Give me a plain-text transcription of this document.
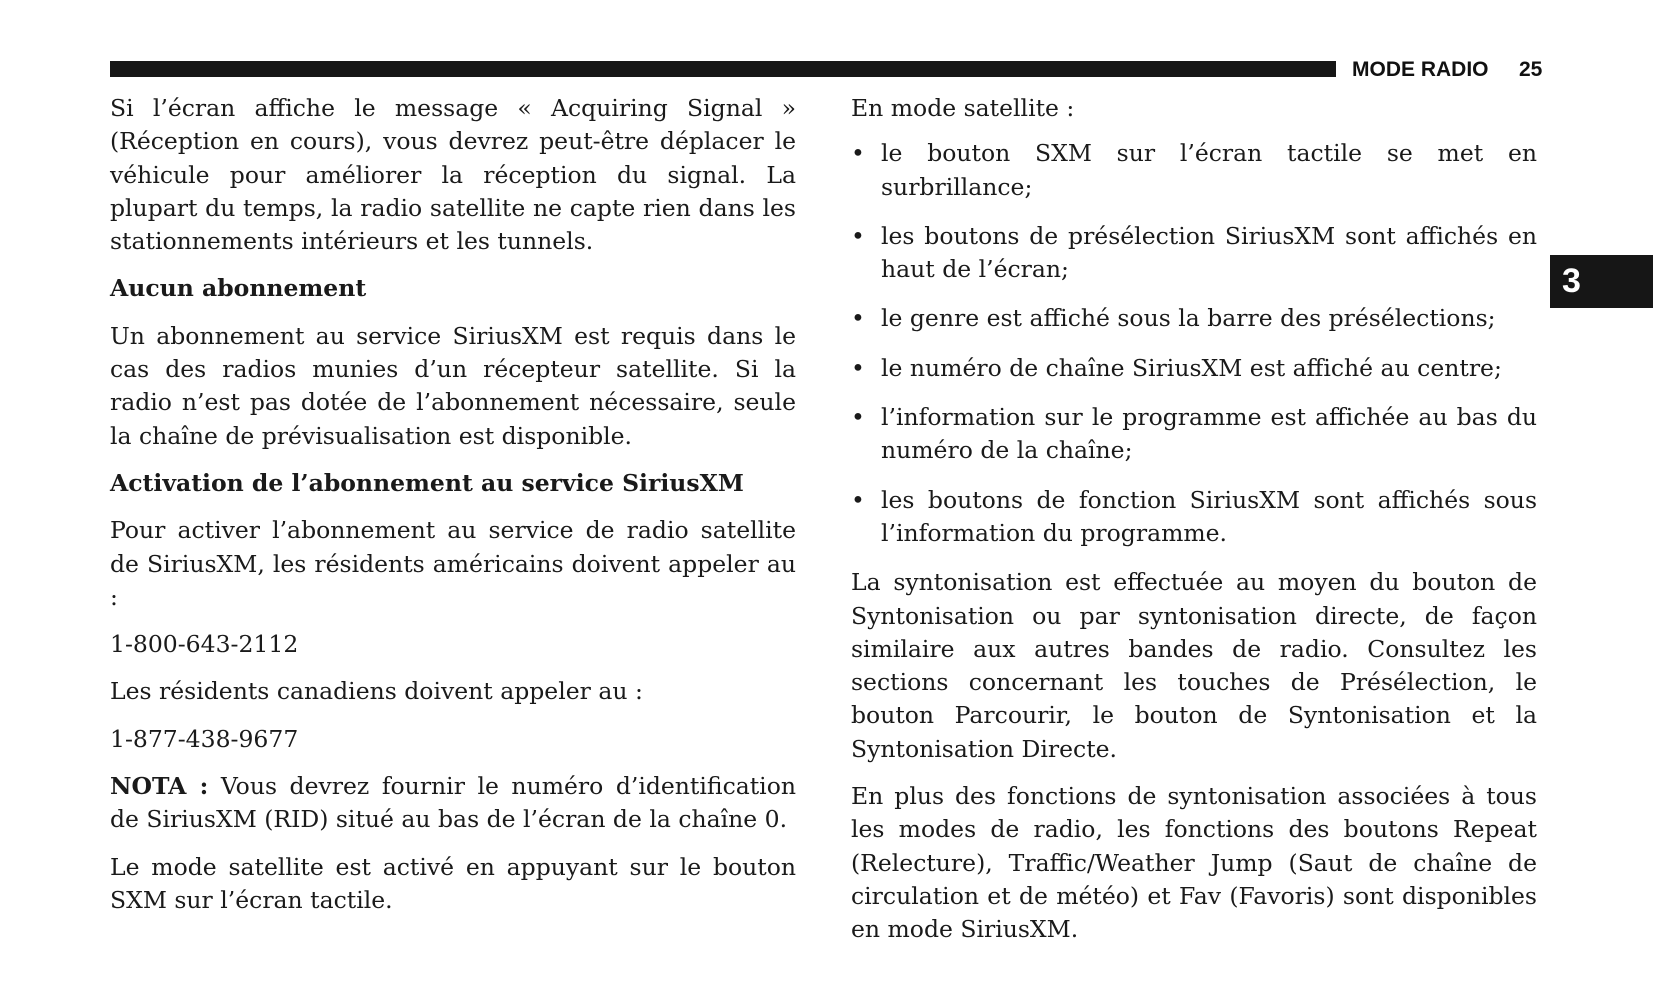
MODE RADIO 25
3

Si l’écran affiche le message « Acquiring Signal » (Réception en cours), vous devrez peut-être déplacer le véhicule pour améliorer la réception du signal. La plupart du temps, la radio satellite ne capte rien dans les stationnements intérieurs et les tunnels.

Aucun abonnement

Un abonnement au service SiriusXM est requis dans le cas des radios munies d’un récepteur satellite. Si la radio n’est pas dotée de l’abonnement nécessaire, seule la chaîne de prévisualisation est disponible.

Activation de l’abonnement au service SiriusXM

Pour activer l’abonnement au service de radio satellite de SiriusXM, les résidents américains doivent appeler au :

1-800-643-2112

Les résidents canadiens doivent appeler au :

1-877-438-9677

NOTA : Vous devrez fournir le numéro d’identification de SiriusXM (RID) situé au bas de l’écran de la chaîne 0.

Le mode satellite est activé en appuyant sur le bouton SXM sur l’écran tactile.

En mode satellite :

• le bouton SXM sur l’écran tactile se met en surbrillance;
• les boutons de présélection SiriusXM sont affichés en haut de l’écran;
• le genre est affiché sous la barre des présélections;
• le numéro de chaîne SiriusXM est affiché au centre;
• l’information sur le programme est affichée au bas du numéro de la chaîne;
• les boutons de fonction SiriusXM sont affichés sous l’information du programme.

La syntonisation est effectuée au moyen du bouton de Syntonisation ou par syntonisation directe, de façon similaire aux autres bandes de radio. Consultez les sections concernant les touches de Présélection, le bouton Parcourir, le bouton de Syntonisation et la Syntonisation Directe.

En plus des fonctions de syntonisation associées à tous les modes de radio, les fonctions des boutons Repeat (Relecture), Traffic/Weather Jump (Saut de chaîne de circulation et de météo) et Fav (Favoris) sont disponibles en mode SiriusXM.
